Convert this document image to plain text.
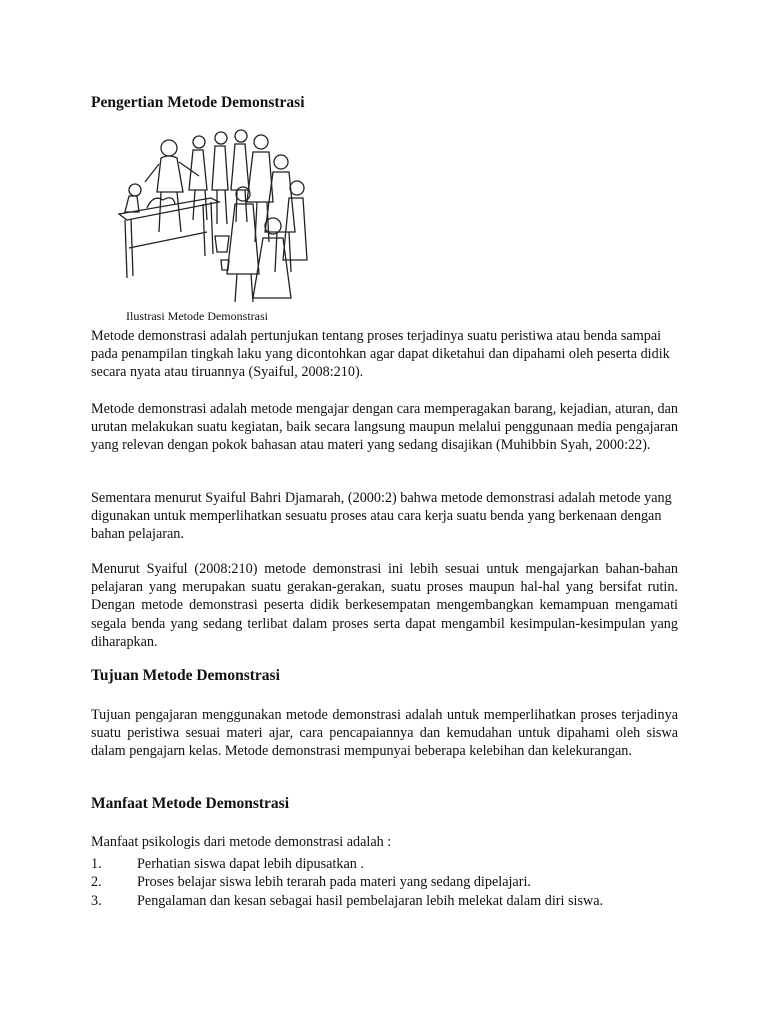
Pengertian Metode Demonstrasi
Ilustrasi Metode Demonstrasi

Metode demonstrasi adalah pertunjukan tentang proses terjadinya suatu peristiwa atau benda sampai pada penampilan tingkah laku yang dicontohkan agar dapat diketahui dan dipahami oleh peserta didik secara nyata atau tiruannya (Syaiful, 2008:210).

Metode demonstrasi adalah metode mengajar dengan cara memperagakan barang, kejadian, aturan, dan urutan melakukan suatu kegiatan, baik secara langsung maupun melalui penggunaan media pengajaran yang relevan dengan pokok bahasan atau materi yang sedang disajikan (Muhibbin Syah, 2000:22).

Sementara menurut Syaiful Bahri Djamarah, (2000:2) bahwa metode demonstrasi adalah metode yang digunakan untuk memperlihatkan sesuatu proses atau cara kerja suatu benda yang berkenaan dengan bahan pelajaran.

Menurut Syaiful (2008:210) metode demonstrasi ini lebih sesuai untuk mengajarkan bahan-bahan pelajaran yang merupakan suatu gerakan-gerakan, suatu proses maupun hal-hal yang bersifat rutin. Dengan metode demonstrasi peserta didik berkesempatan mengembangkan kemampuan mengamati segala benda yang sedang terlibat dalam proses serta dapat mengambil kesimpulan-kesimpulan yang diharapkan.

Tujuan Metode Demonstrasi

Tujuan pengajaran menggunakan metode demonstrasi adalah untuk memperlihatkan proses terjadinya suatu peristiwa sesuai materi ajar, cara pencapaiannya dan kemudahan untuk dipahami oleh siswa dalam pengajarn kelas. Metode demonstrasi mempunyai beberapa kelebihan dan kelekurangan.

Manfaat Metode Demonstrasi

Manfaat psikologis dari metode demonstrasi adalah :

1. Perhatian siswa dapat lebih dipusatkan .
2. Proses belajar siswa lebih terarah pada materi yang sedang dipelajari.
3. Pengalaman dan kesan sebagai hasil pembelajaran lebih melekat dalam diri siswa.
